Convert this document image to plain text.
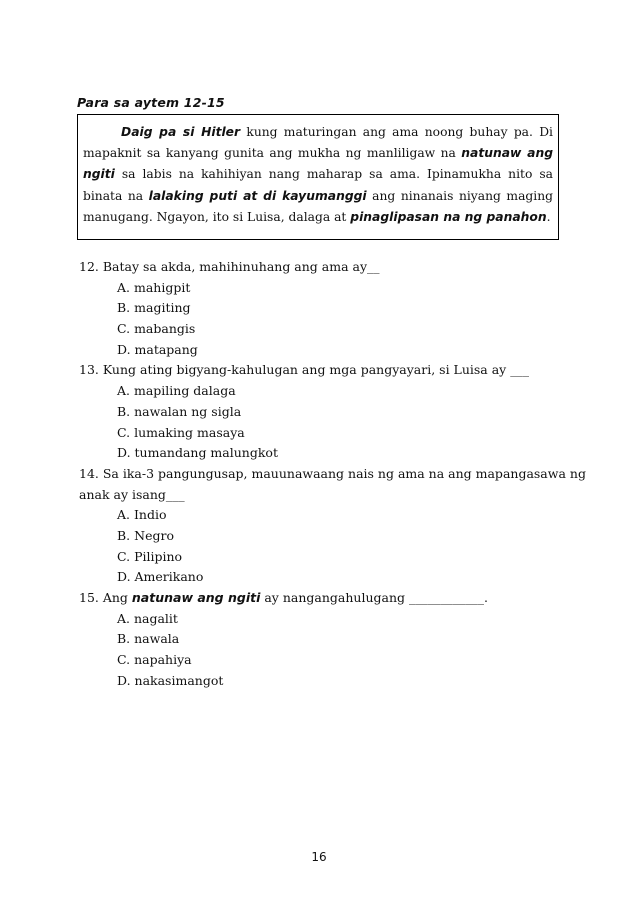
Para sa aytem 12-15

Daig pa si Hitler kung maturingan ang ama noong buhay pa. Di mapaknit sa kanyang gunita ang mukha ng manliligaw na natunaw ang ngiti sa labis na kahihiyan nang maharap sa ama. Ipinamukha nito sa binata na lalaking puti at di kayumanggi ang ninanais niyang maging manugang. Ngayon, ito si Luisa, dalaga at pinaglipasan na ng panahon.

12. Batay sa akda, mahihinuhang ang ama ay__
A. mahigpit
B. magiting
C. mabangis
D. matapang
13. Kung ating bigyang-kahulugan ang mga pangyayari, si Luisa ay ___
A. mapiling dalaga
B. nawalan ng sigla
C. lumaking masaya
D. tumandang malungkot
14. Sa ika-3 pangungusap, mauunawaang nais ng ama na ang mapangasawa ng
anak ay isang___
A. Indio
B. Negro
C. Pilipino
D. Amerikano
15. Ang natunaw ang ngiti ay nangangahulugang ____________.
A. nagalit
B. nawala
C. napahiya
D. nakasimangot
16
